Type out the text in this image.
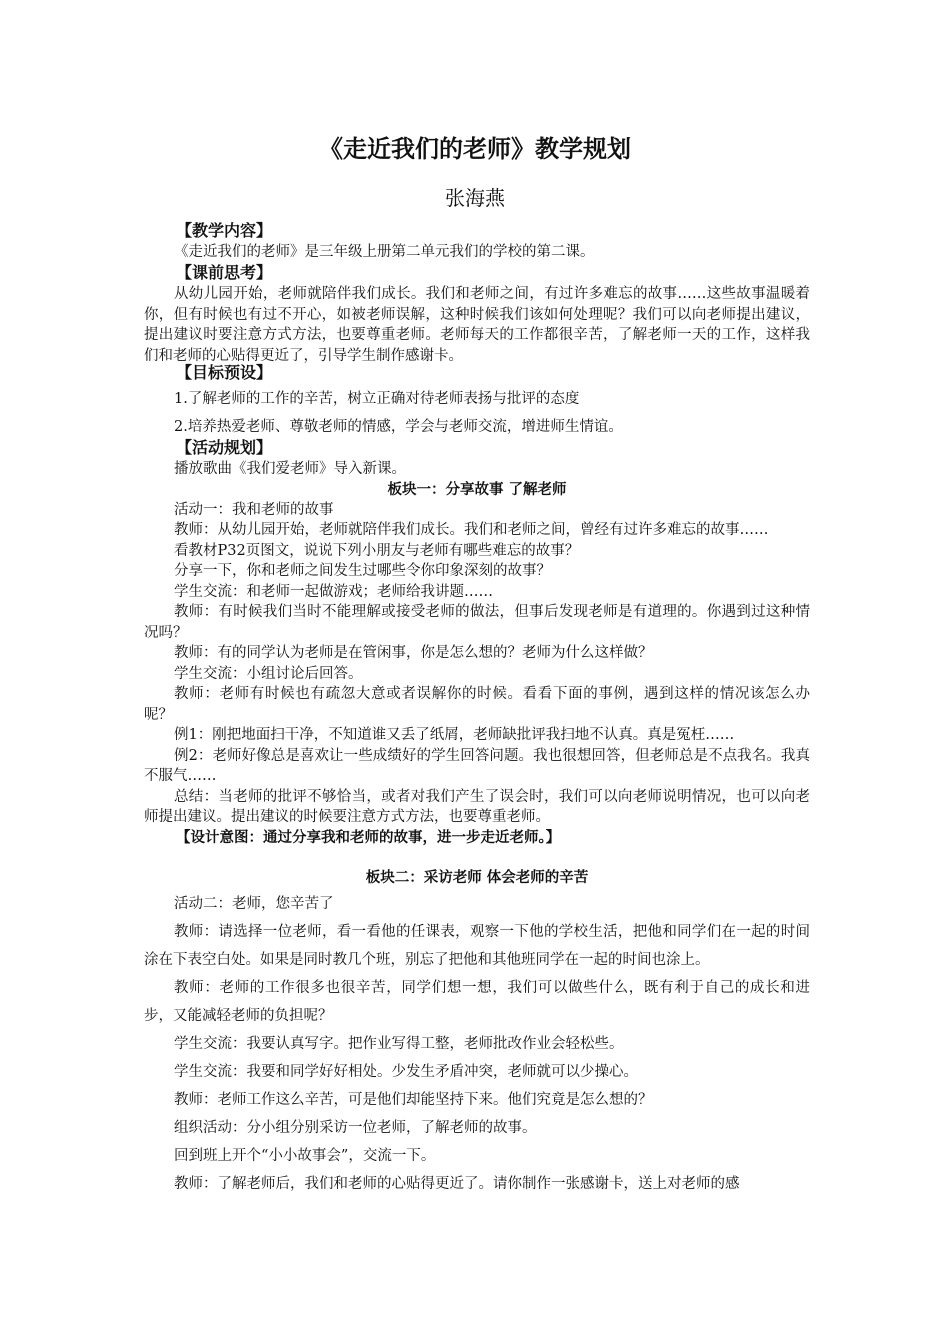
《走近我们的老师》教学规划
张海燕

【教学内容】

《走近我们的老师》是三年级上册第二单元我们的学校的第二课。

【课前思考】

从幼儿园开始，老师就陪伴我们成长。我们和老师之间，有过许多难忘的故事……这些故事温暖着你，但有时候也有过不开心，如被老师误解，这种时候我们该如何处理呢？我们可以向老师提出建议，提出建议时要注意方式方法，也要尊重老师。老师每天的工作都很辛苦，了解老师一天的工作，这样我们和老师的心贴得更近了，引导学生制作感谢卡。

【目标预设】

1.了解老师的工作的辛苦，树立正确对待老师表扬与批评的态度

2.培养热爱老师、尊敬老师的情感，学会与老师交流，增进师生情谊。

【活动规划】

播放歌曲《我们爱老师》导入新课。

板块一：分享故事 了解老师

活动一：我和老师的故事

教师：从幼儿园开始，老师就陪伴我们成长。我们和老师之间，曾经有过许多难忘的故事……

看教材P32页图文，说说下列小朋友与老师有哪些难忘的故事？

分享一下，你和老师之间发生过哪些令你印象深刻的故事？

学生交流：和老师一起做游戏；老师给我讲题……

教师：有时候我们当时不能理解或接受老师的做法，但事后发现老师是有道理的。你遇到过这种情况吗？

教师：有的同学认为老师是在管闲事，你是怎么想的？老师为什么这样做？

学生交流：小组讨论后回答。

教师：老师有时候也有疏忽大意或者误解你的时候。看看下面的事例，遇到这样的情况该怎么办呢？

例1：刚把地面扫干净，不知道谁又丢了纸屑，老师缺批评我扫地不认真。真是冤枉……

例2：老师好像总是喜欢让一些成绩好的学生回答问题。我也很想回答，但老师总是不点我名。我真不服气……

总结：当老师的批评不够恰当，或者对我们产生了误会时，我们可以向老师说明情况，也可以向老师提出建议。提出建议的时候要注意方式方法，也要尊重老师。

【设计意图：通过分享我和老师的故事，进一步走近老师。】

板块二：采访老师 体会老师的辛苦

活动二：老师，您辛苦了

教师：请选择一位老师，看一看他的任课表，观察一下他的学校生活，把他和同学们在一起的时间涂在下表空白处。如果是同时教几个班，别忘了把他和其他班同学在一起的时间也涂上。

教师：老师的工作很多也很辛苦，同学们想一想，我们可以做些什么，既有利于自己的成长和进步，又能减轻老师的负担呢？

学生交流：我要认真写字。把作业写得工整，老师批改作业会轻松些。

学生交流：我要和同学好好相处。少发生矛盾冲突，老师就可以少操心。

教师：老师工作这么辛苦，可是他们却能坚持下来。他们究竟是怎么想的？

组织活动：分小组分别采访一位老师，了解老师的故事。

回到班上开个“小小故事会”，交流一下。

教师：了解老师后，我们和老师的心贴得更近了。请你制作一张感谢卡，送上对老师的感
